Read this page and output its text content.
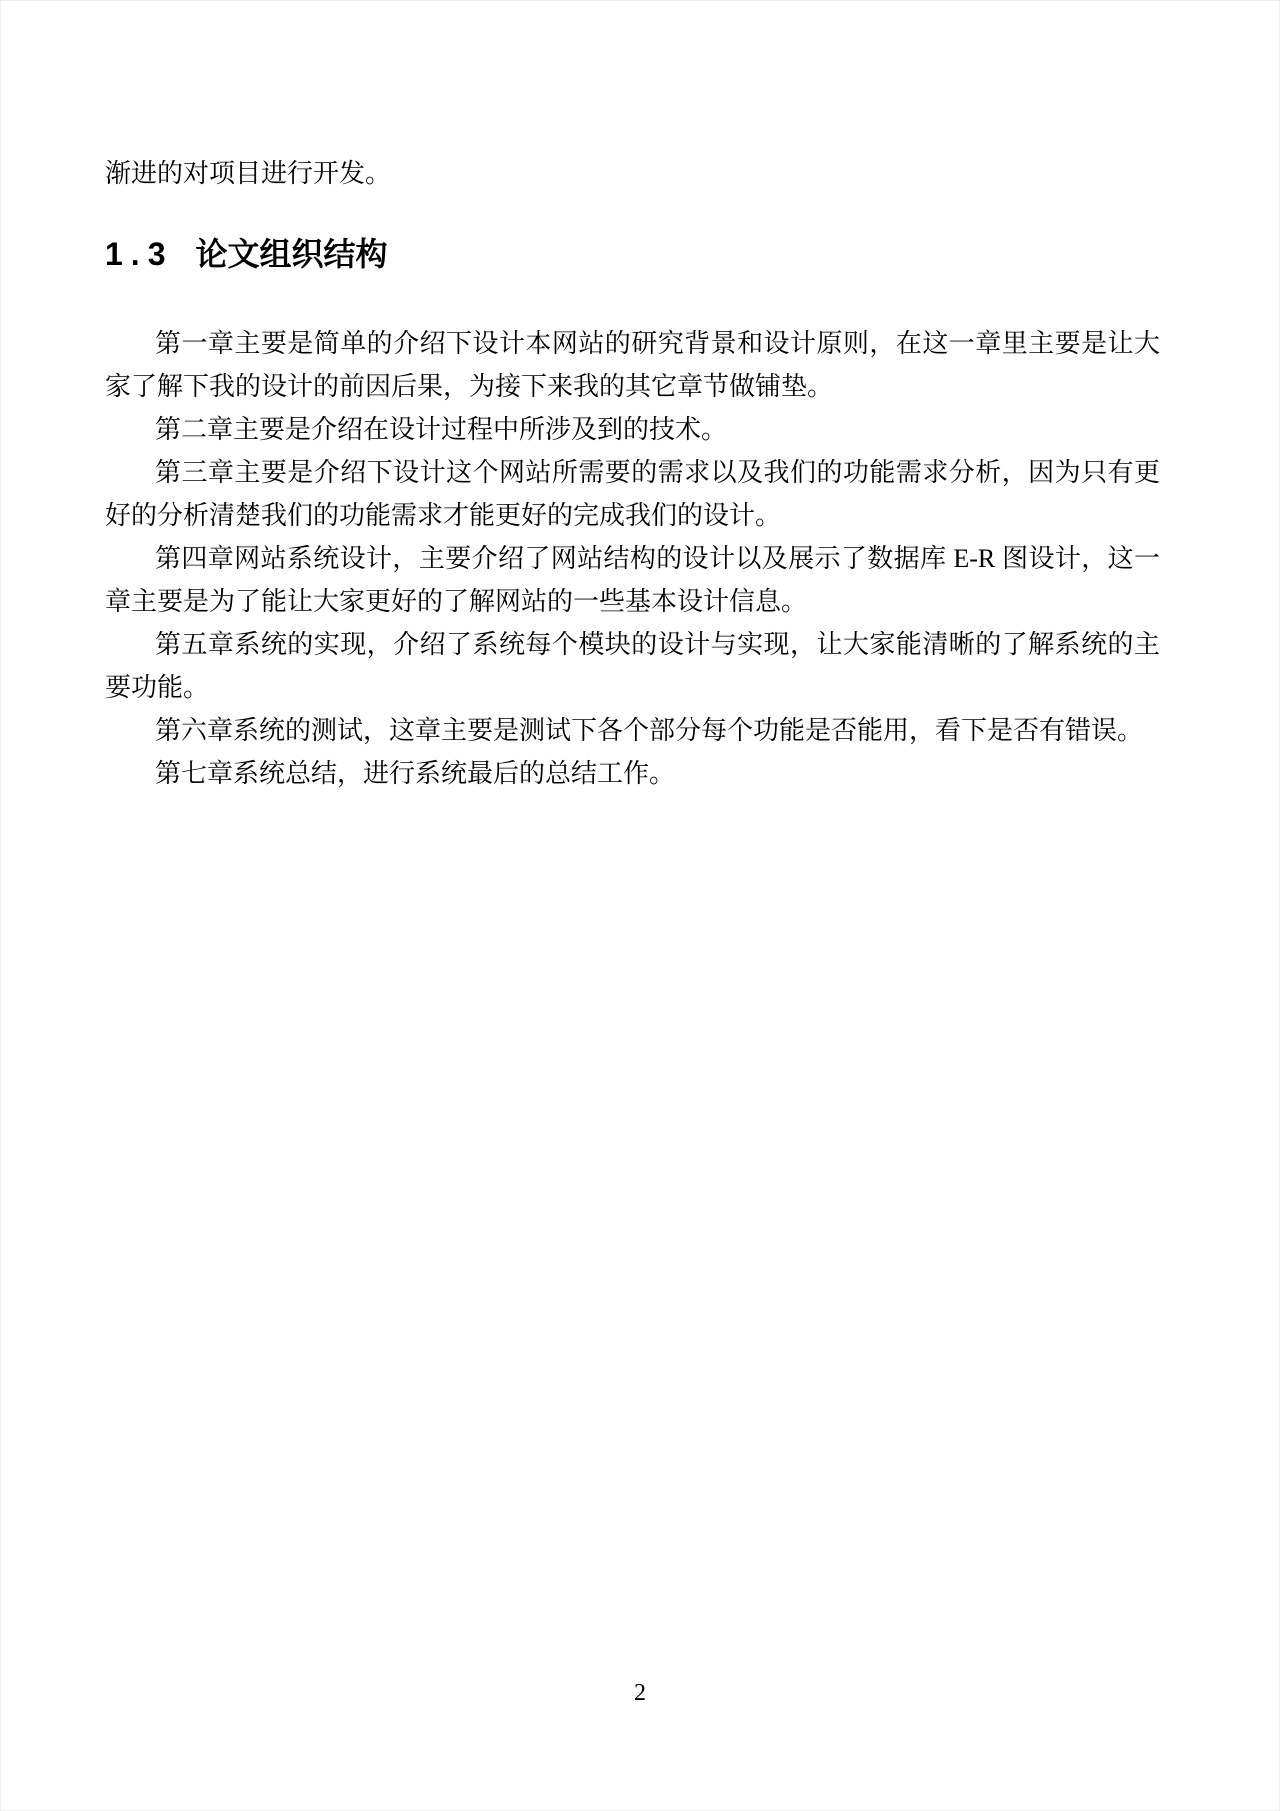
渐进的对项目进行开发。
1.3 论文组织结构
第一章主要是简单的介绍下设计本网站的研究背景和设计原则，在这一章里主要是让大
家了解下我的设计的前因后果，为接下来我的其它章节做铺垫。
第二章主要是介绍在设计过程中所涉及到的技术。
第三章主要是介绍下设计这个网站所需要的需求以及我们的功能需求分析，因为只有更
好的分析清楚我们的功能需求才能更好的完成我们的设计。
第四章网站系统设计，主要介绍了网站结构的设计以及展示了数据库 E-R 图设计，这一
章主要是为了能让大家更好的了解网站的一些基本设计信息。
第五章系统的实现，介绍了系统每个模块的设计与实现，让大家能清晰的了解系统的主
要功能。
第六章系统的测试，这章主要是测试下各个部分每个功能是否能用，看下是否有错误。
第七章系统总结，进行系统最后的总结工作。
2
